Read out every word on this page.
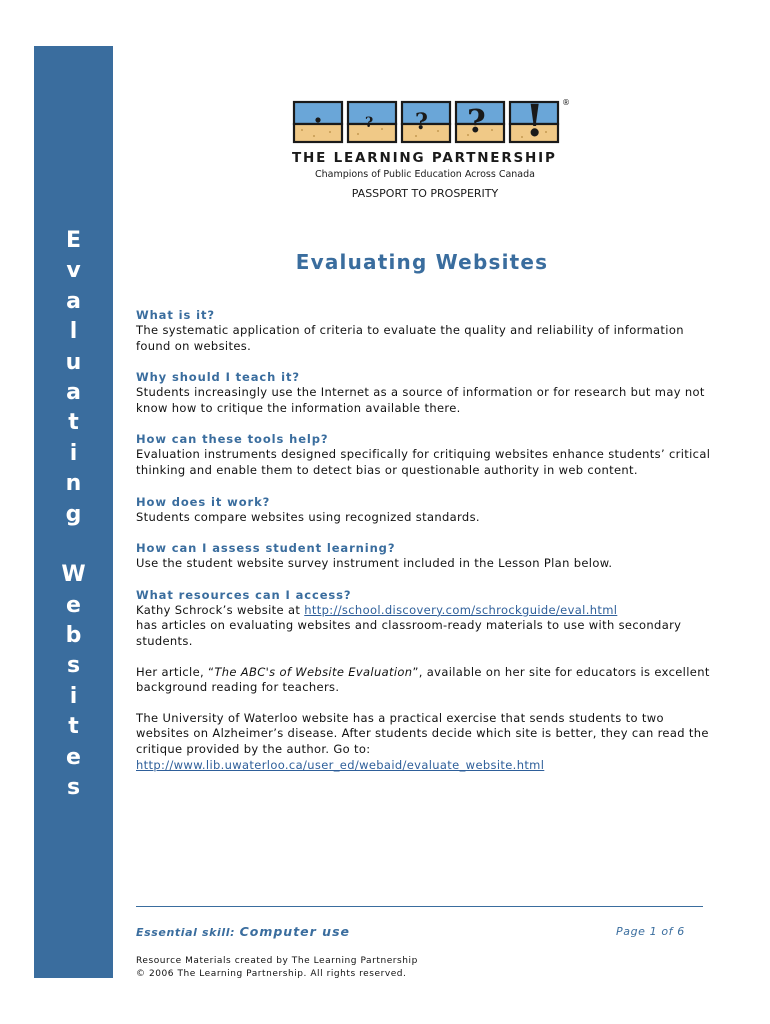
E
v
a
l
u
a
t
i
n
g
W
e
b
s
i
t
e
s
? ? ? ! ®
THE LEARNING PARTNERSHIP
Champions of Public Education Across Canada
PASSPORT TO PROSPERITY
Evaluating Websites

What is it?

The systematic application of criteria to evaluate the quality and reliability of information found on websites.

Why should I teach it?

Students increasingly use the Internet as a source of information or for research but may not know how to critique the information available there.

How can these tools help?

Evaluation instruments designed specifically for critiquing websites enhance students’ critical thinking and enable them to detect bias or questionable authority in web content.

How does it work?

Students compare websites using recognized standards.

How can I assess student learning?

Use the student website survey instrument included in the Lesson Plan below.

What resources can I access?

Kathy Schrock’s website at http://school.discovery.com/schrockguide/eval.html
has articles on evaluating websites and classroom-ready materials to use with secondary students.

Her article, “The ABC's of Website Evaluation”, available on her site for educators is excellent background reading for teachers.

The University of Waterloo website has a practical exercise that sends students to two websites on Alzheimer’s disease. After students decide which site is better, they can read the critique provided by the author. Go to:
http://www.lib.uwaterloo.ca/user_ed/webaid/evaluate_website.html

Essential skill: Computer use	Page 1 of 6
Resource Materials created by The Learning Partnership
© 2006 The Learning Partnership. All rights reserved.
